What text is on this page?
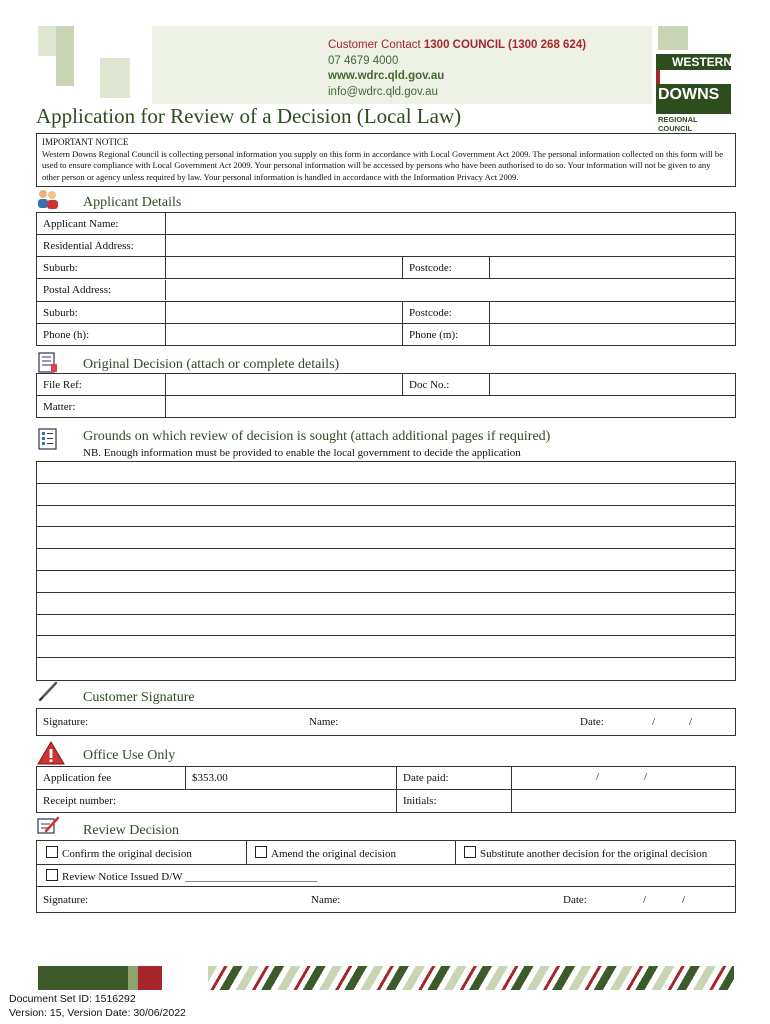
Customer Contact 1300 COUNCIL (1300 268 624)
07 4679 4000
www.wdrc.qld.gov.au
info@wdrc.qld.gov.au
WESTERN
DOWNS
REGIONAL COUNCIL
Application for Review of a Decision (Local Law)
IMPORTANT NOTICE
Western Downs Regional Council is collecting personal information you supply on this form in accordance with Local Government Act 2009. The personal information collected on this form will be used to ensure compliance with Local Government Act 2009. Your personal information will be accessed by persons who have been authorised to do so. Your information will not be given to any other person or agency unless required by law. Your personal information is handled in accordance with the Information Privacy Act 2009.
Applicant Details
Applicant Name:	
Residential Address:	
Suburb:		Postcode:	

Postal Address:	

Suburb:		Postcode:	
Phone (h):		Phone (m):	
Original Decision (attach or complete details)
File Ref:		Doc No.:	
Matter:			
Grounds on which review of decision is sought (attach additional pages if required)
NB. Enough information must be provided to enable the local government to decide the application
Customer Signature
Signature:	Name:	Date:	/	/
Office Use Only
Application fee	$353.00	Date paid:	/ /

Receipt number:		Initials:	
Review Decision
Confirm the original decision	Amend the original decision	Substitute another decision for the original decision
Review Notice Issued D/W ________________________
Signature:	Name:	Date:	/	/
Document Set ID: 1516292
Version: 15, Version Date: 30/06/2022
